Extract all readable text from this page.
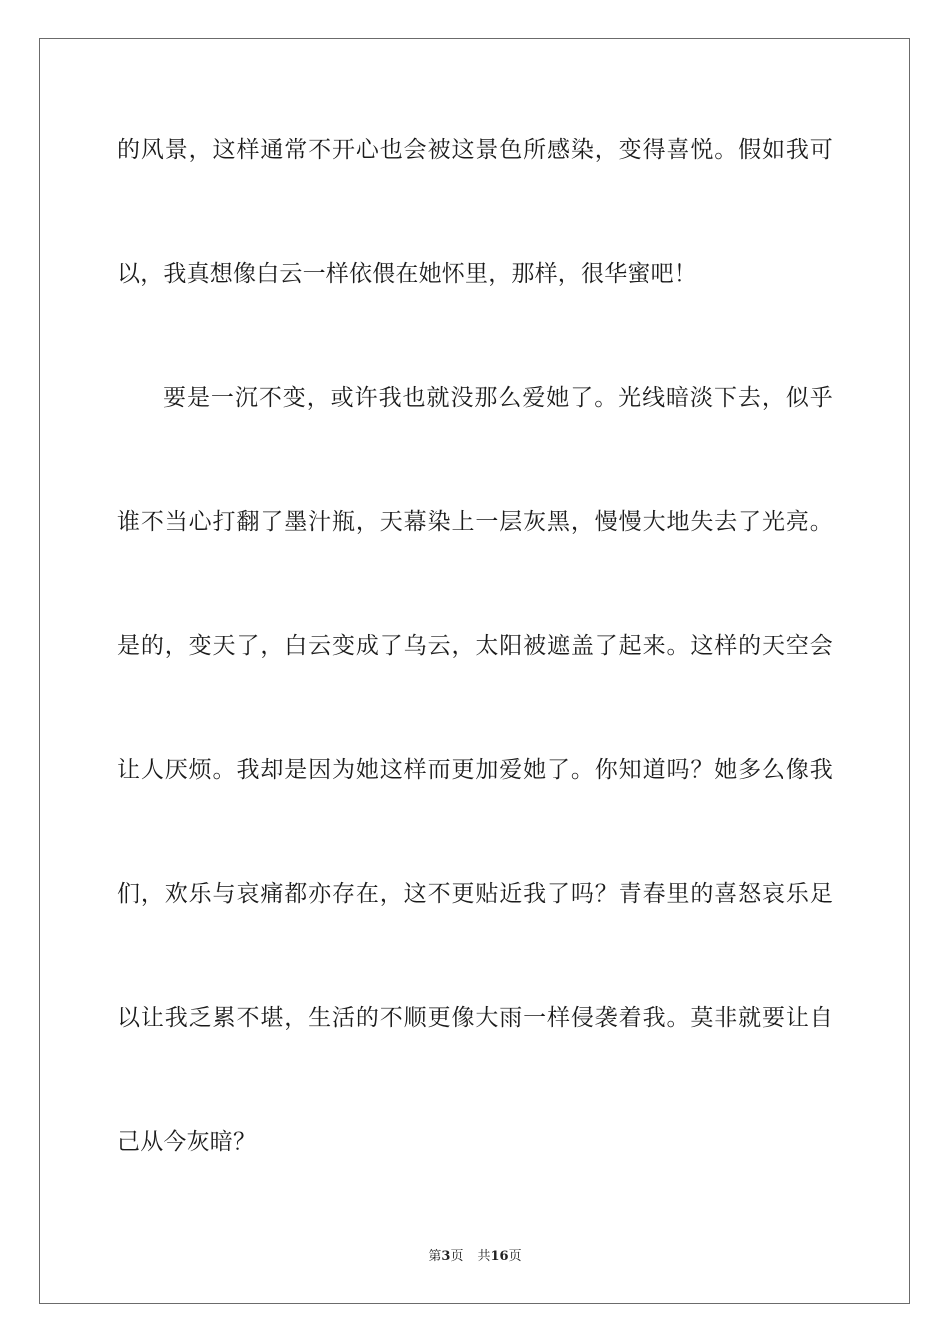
的风景，这样通常不开心也会被这景色所感染，变得喜悦。假如我可
以，我真想像白云一样依偎在她怀里，那样，很华蜜吧！
要是一沉不变，或许我也就没那么爱她了。光线暗淡下去，似乎
谁不当心打翻了墨汁瓶，天幕染上一层灰黑，慢慢大地失去了光亮。
是的，变天了，白云变成了乌云，太阳被遮盖了起来。这样的天空会
让人厌烦。我却是因为她这样而更加爱她了。你知道吗？她多么像我
们，欢乐与哀痛都亦存在，这不更贴近我了吗？青春里的喜怒哀乐足
以让我乏累不堪，生活的不顺更像大雨一样侵袭着我。莫非就要让自
己从今灰暗？
第3页 共16页
